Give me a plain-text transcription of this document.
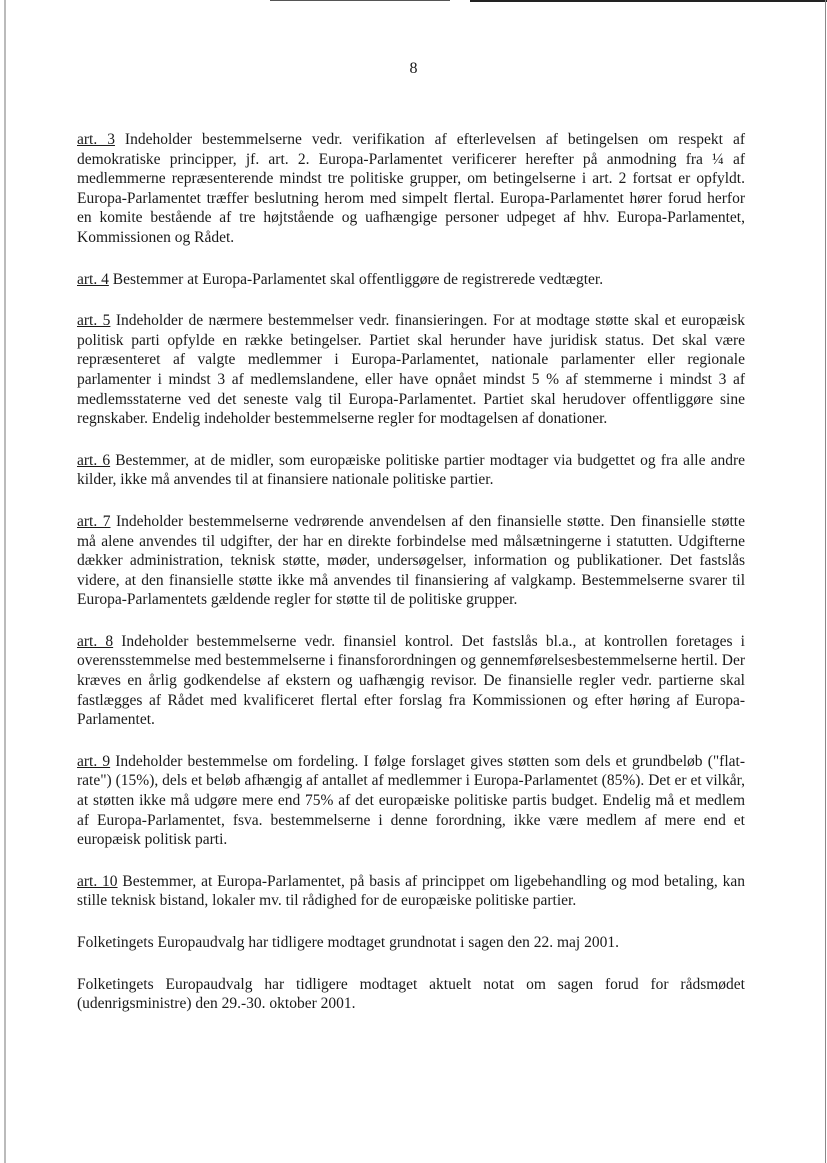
8

art. 3 Indeholder bestemmelserne vedr. verifikation af efterlevelsen af betingelsen om respekt af demokratiske principper, jf. art. 2. Europa-Parlamentet verificerer herefter på anmodning fra ¼ af medlemmerne repræsenterende mindst tre politiske grupper, om betingelserne i art. 2 fortsat er opfyldt. Europa-Parlamentet træffer beslutning herom med simpelt flertal. Europa-Parlamentet hører forud herfor en komite bestående af tre højtstående og uafhængige personer udpeget af hhv. Europa-Parlamentet, Kommissionen og Rådet.

art. 4 Bestemmer at Europa-Parlamentet skal offentliggøre de registrerede vedtægter.

art. 5 Indeholder de nærmere bestemmelser vedr. finansieringen. For at modtage støtte skal et europæisk politisk parti opfylde en række betingelser. Partiet skal herunder have juridisk status. Det skal være repræsenteret af valgte medlemmer i Europa-Parlamentet, nationale parlamenter eller regionale parlamenter i mindst 3 af medlemslandene, eller have opnået mindst 5 % af stemmerne i mindst 3 af medlemsstaterne ved det seneste valg til Europa-Parlamentet. Partiet skal herudover offentliggøre sine regnskaber. Endelig indeholder bestemmelserne regler for modtagelsen af donationer.

art. 6 Bestemmer, at de midler, som europæiske politiske partier modtager via budgettet og fra alle andre kilder, ikke må anvendes til at finansiere nationale politiske partier.

art. 7 Indeholder bestemmelserne vedrørende anvendelsen af den finansielle støtte. Den finansielle støtte må alene anvendes til udgifter, der har en direkte forbindelse med målsætningerne i statutten. Udgifterne dækker administration, teknisk støtte, møder, undersøgelser, information og publikationer. Det fastslås videre, at den finansielle støtte ikke må anvendes til finansiering af valgkamp. Bestemmelserne svarer til Europa-Parlamentets gældende regler for støtte til de politiske grupper.

art. 8 Indeholder bestemmelserne vedr. finansiel kontrol. Det fastslås bl.a., at kontrollen foretages i overensstemmelse med bestemmelserne i finansforordningen og gennemførelsesbestemmelserne hertil. Der kræves en årlig godkendelse af ekstern og uafhængig revisor. De finansielle regler vedr. partierne skal fastlægges af Rådet med kvalificeret flertal efter forslag fra Kommissionen og efter høring af Europa-Parlamentet.

art. 9 Indeholder bestemmelse om fordeling. I følge forslaget gives støtten som dels et grundbeløb ("flat-rate") (15%), dels et beløb afhængig af antallet af medlemmer i Europa-Parlamentet (85%). Det er et vilkår, at støtten ikke må udgøre mere end 75% af det europæiske politiske partis budget. Endelig må et medlem af Europa-Parlamentet, fsva. bestemmelserne i denne forordning, ikke være medlem af mere end et europæisk politisk parti.

art. 10 Bestemmer, at Europa-Parlamentet, på basis af princippet om ligebehandling og mod betaling, kan stille teknisk bistand, lokaler mv. til rådighed for de europæiske politiske partier.

Folketingets Europaudvalg har tidligere modtaget grundnotat i sagen den 22. maj 2001.

Folketingets Europaudvalg har tidligere modtaget aktuelt notat om sagen forud for rådsmødet (udenrigsministre) den 29.-30. oktober 2001.
